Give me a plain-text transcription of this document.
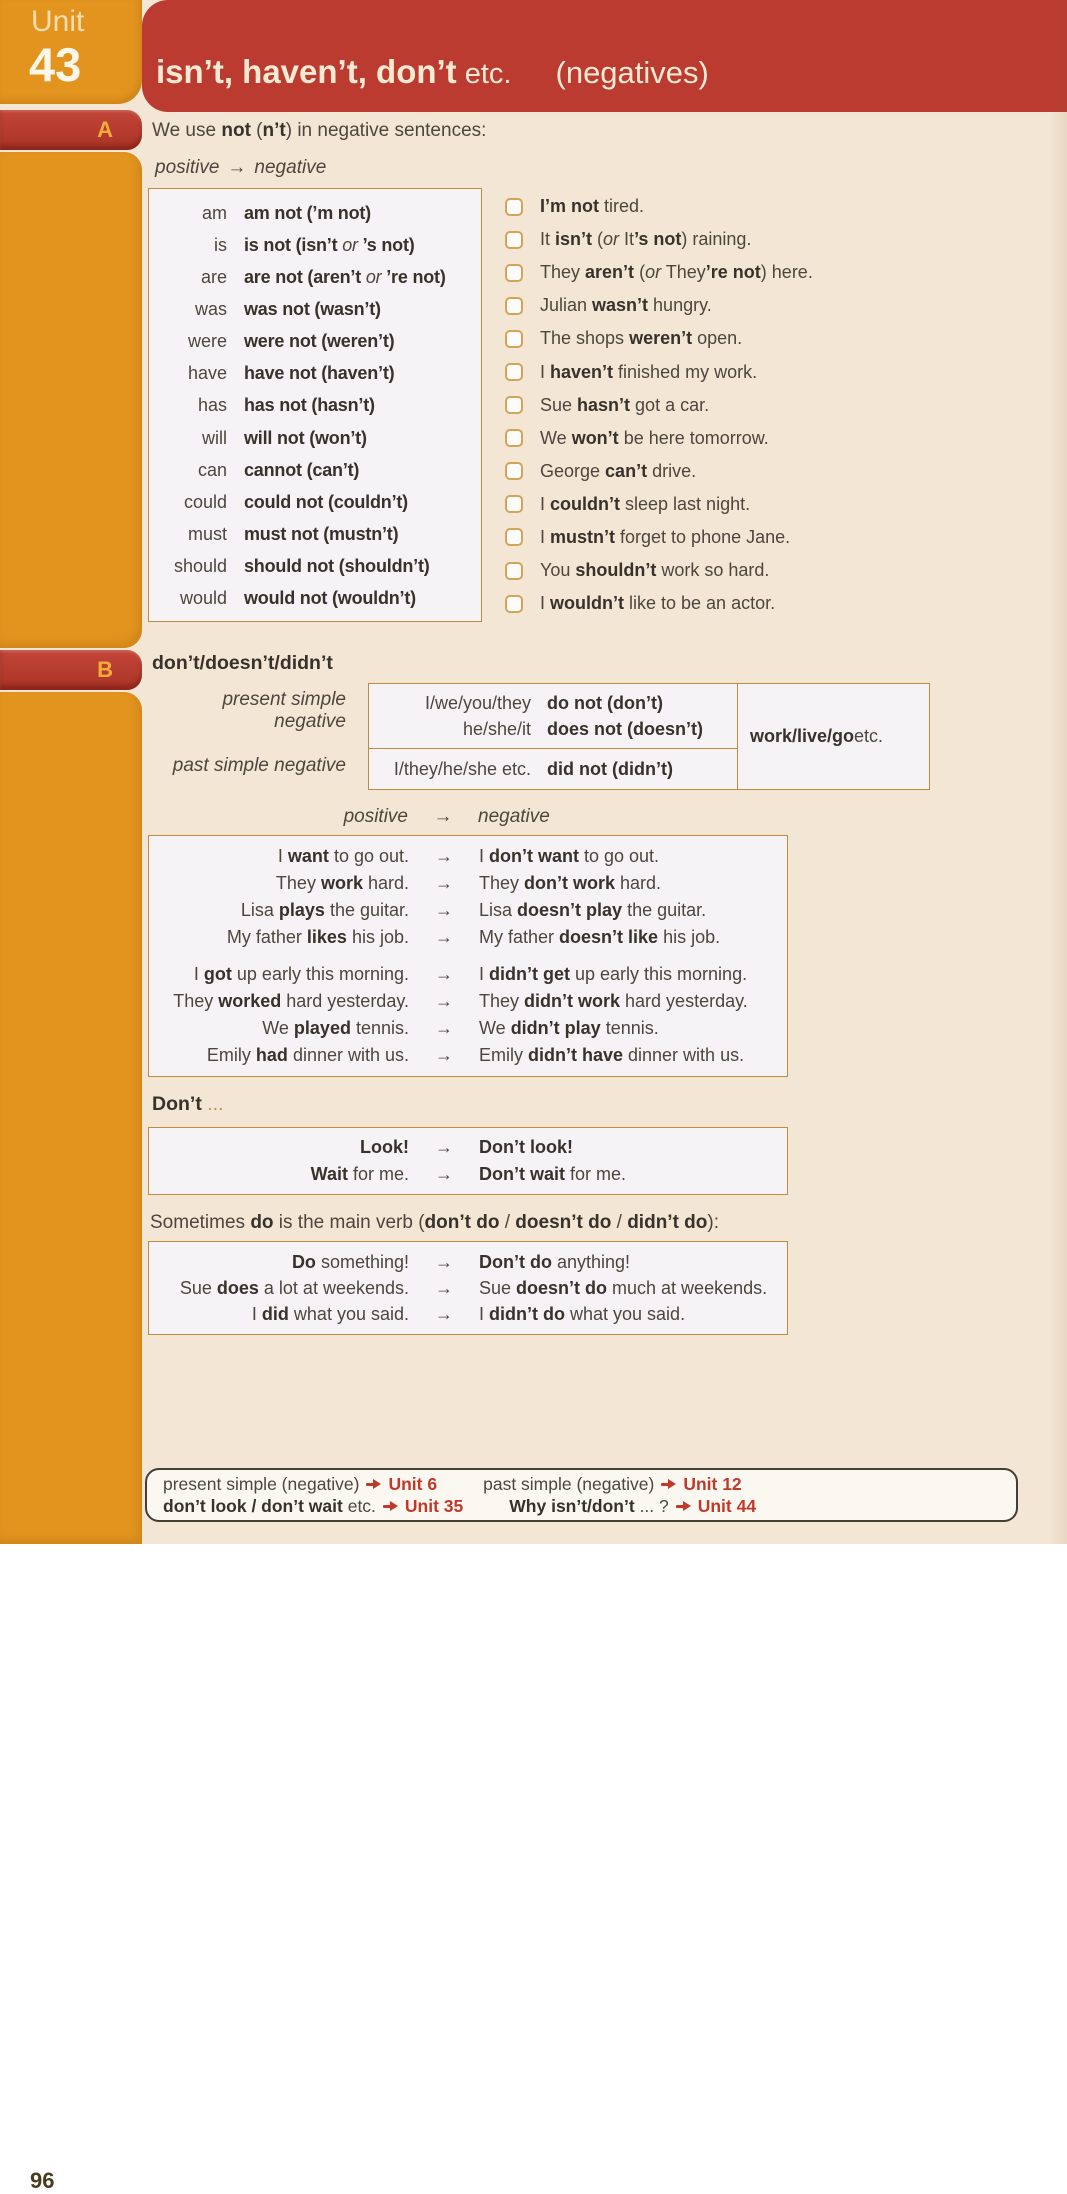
Unit
43
A
B
96
isn’t, haven’t, don’t etc. (negatives)
We use not (n’t) in negative sentences:
positive → negative
am am not (’m not)
is is not (isn’t or ’s not)
are are not (aren’t or ’re not)
was was not (wasn’t)
were were not (weren’t)
have have not (haven’t)
has has not (hasn’t)
will will not (won’t)
can cannot (can’t)
could could not (couldn’t)
must must not (mustn’t)
should should not (shouldn’t)
would would not (wouldn’t)
I’m not tired.
It isn’t (or It’s not) raining.
They aren’t (or They’re not) here.
Julian wasn’t hungry.
The shops weren’t open.
I haven’t finished my work.
Sue hasn’t got a car.
We won’t be here tomorrow.
George can’t drive.
I couldn’t sleep last night.
I mustn’t forget to phone Jane.
You shouldn’t work so hard.
I wouldn’t like to be an actor.
don’t/doesn’t/didn’t
present simple negative
past simple negative
I/we/you/they do not (don’t)
he/she/it does not (doesn’t)
I/they/he/she etc. did not (didn’t)
work/live/go etc.
positive	→	negative
I want to go out.	→	I don’t want to go out.
They work hard.	→	They don’t work hard.
Lisa plays the guitar.	→	Lisa doesn’t play the guitar.
My father likes his job.	→	My father doesn’t like his job.
I got up early this morning.	→	I didn’t get up early this morning.
They worked hard yesterday.	→	They didn’t work hard yesterday.
We played tennis.	→	We didn’t play tennis.
Emily had dinner with us.	→	Emily didn’t have dinner with us.
Don’t ...
Look!	→	Don’t look!
Wait for me.	→	Don’t wait for me.
Sometimes do is the main verb (don’t do / doesn’t do / didn’t do):
Do something!	→	Don’t do anything!
Sue does a lot at weekends.	→	Sue doesn’t do much at weekends.
I did what you said.	→	I didn’t do what you said.
present simple (negative) Unit 6	past simple (negative) Unit 12
don’t look / don’t wait etc. Unit 35	Why isn’t/don’t ... ? Unit 44
